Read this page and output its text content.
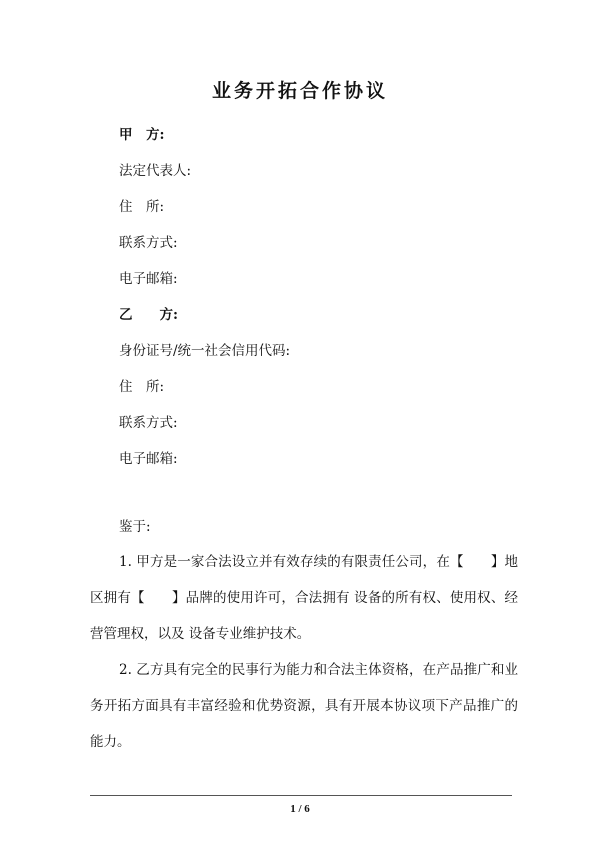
业务开拓合作协议
甲　方:
法定代表人:
住　所:
联系方式:
电子邮箱:
乙　　方:
身份证号/统一社会信用代码:
住　所:
联系方式:
电子邮箱:
鉴于:
1. 甲方是一家合法设立并有效存续的有限责任公司，在【　　】地区拥有【　　】品牌的使用许可，合法拥有 设备的所有权、使用权、经营管理权，以及 设备专业维护技术。
2. 乙方具有完全的民事行为能力和合法主体资格，在产品推广和业务开拓方面具有丰富经验和优势资源，具有开展本协议项下产品推广的能力。
1 / 6
